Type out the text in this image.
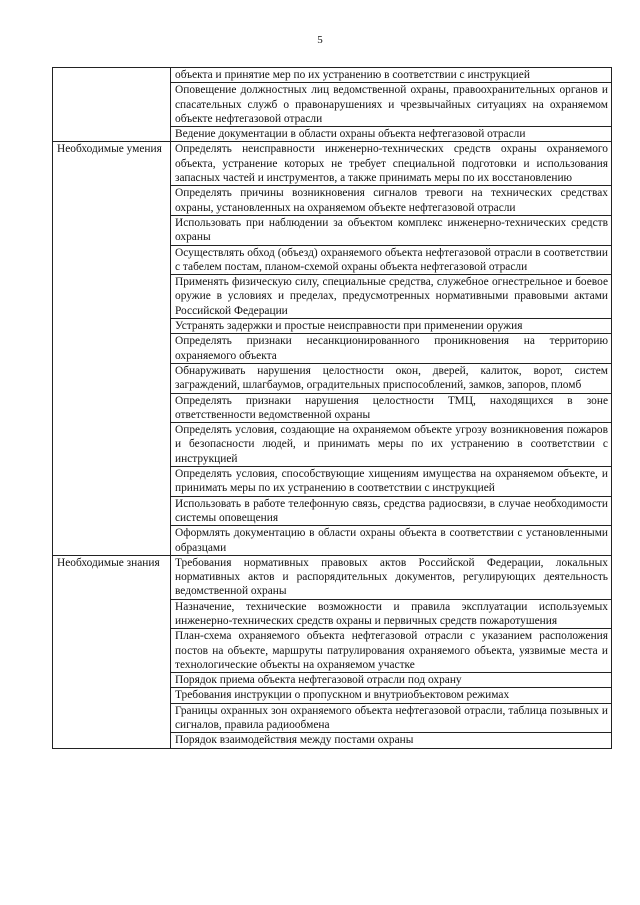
5
	объекта и принятие мер по их устранению в соответствии с инструкцией
	Оповещение должностных лиц ведомственной охраны, правоохранительных органов и спасательных служб о правонарушениях и чрезвычайных ситуациях на охраняемом объекте нефтегазовой отрасли
	Ведение документации в области охраны объекта нефтегазовой отрасли
Необходимые умения	Определять неисправности инженерно-технических средств охраны охраняемого объекта, устранение которых не требует специальной подготовки и использования запасных частей и инструментов, а также принимать меры по их восстановлению
	Определять причины возникновения сигналов тревоги на технических средствах охраны, установленных на охраняемом объекте нефтегазовой отрасли
	Использовать при наблюдении за объектом комплекс инженерно-технических средств охраны
	Осуществлять обход (объезд) охраняемого объекта нефтегазовой отрасли в соответствии с табелем постам, планом-схемой охраны объекта нефтегазовой отрасли
	Применять физическую силу, специальные средства, служебное огнестрельное и боевое оружие в условиях и пределах, предусмотренных нормативными правовыми актами Российской Федерации
	Устранять задержки и простые неисправности при применении оружия
	Определять признаки несанкционированного проникновения на территорию охраняемого объекта
	Обнаруживать нарушения целостности окон, дверей, калиток, ворот, систем заграждений, шлагбаумов, оградительных приспособлений, замков, запоров, пломб
	Определять признаки нарушения целостности ТМЦ, находящихся в зоне ответственности ведомственной охраны
	Определять условия, создающие на охраняемом объекте угрозу возникновения пожаров и безопасности людей, и принимать меры по их устранению в соответствии с инструкцией
	Определять условия, способствующие хищениям имущества на охраняемом объекте, и принимать меры по их устранению в соответствии с инструкцией
	Использовать в работе телефонную связь, средства радиосвязи, в случае необходимости системы оповещения
	Оформлять документацию в области охраны объекта в соответствии с установленными образцами
Необходимые знания	Требования нормативных правовых актов Российской Федерации, локальных нормативных актов и распорядительных документов, регулирующих деятельность ведомственной охраны
	Назначение, технические возможности и правила эксплуатации используемых инженерно-технических средств охраны и первичных средств пожаротушения
	План-схема охраняемого объекта нефтегазовой отрасли с указанием расположения постов на объекте, маршруты патрулирования охраняемого объекта, уязвимые места и технологические объекты на охраняемом участке
	Порядок приема объекта нефтегазовой отрасли под охрану
	Требования инструкции о пропускном и внутриобъектовом режимах
	Границы охранных зон охраняемого объекта нефтегазовой отрасли, таблица позывных и сигналов, правила радиообмена
	Порядок взаимодействия между постами охраны
